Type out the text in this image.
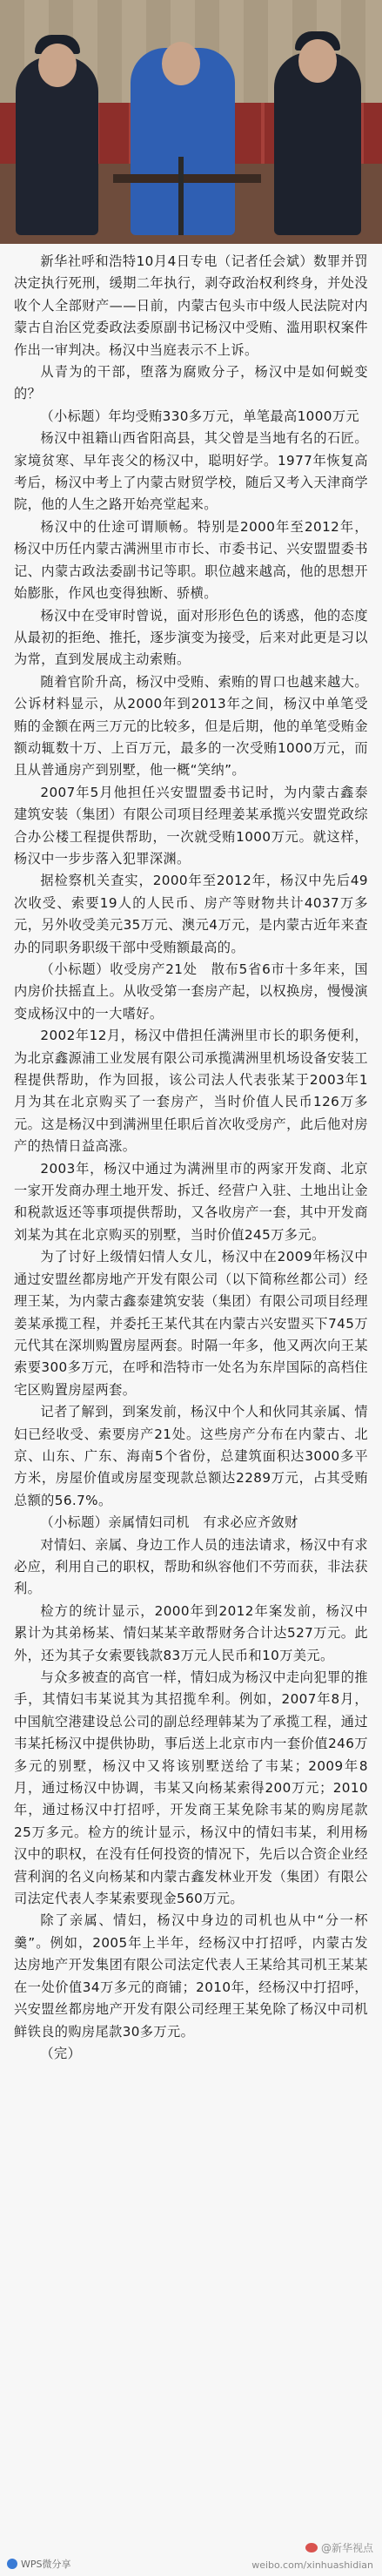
新华社呼和浩特10月4日专电（记者任会斌）数罪并罚决定执行死刑，缓期二年执行，剥夺政治权利终身，并处没收个人全部财产——日前，内蒙古包头市中级人民法院对内蒙古自治区党委政法委原副书记杨汉中受贿、滥用职权案件作出一审判决。杨汉中当庭表示不上诉。

从青为的干部，堕落为腐败分子，杨汉中是如何蜕变的？

（小标题）年均受贿330多万元，单笔最高1000万元

杨汉中祖籍山西省阳高县，其父曾是当地有名的石匠。家境贫寒、早年丧父的杨汉中，聪明好学。1977年恢复高考后，杨汉中考上了内蒙古财贸学校，随后又考入天津商学院，他的人生之路开始亮堂起来。

杨汉中的仕途可谓顺畅。特别是2000年至2012年，杨汉中历任内蒙古满洲里市市长、市委书记、兴安盟盟委书记、内蒙古政法委副书记等职。职位越来越高，他的思想开始膨胀，作风也变得独断、骄横。

杨汉中在受审时曾说，面对形形色色的诱惑，他的态度从最初的拒绝、推托，逐步演变为接受，后来对此更是习以为常，直到发展成主动索贿。

随着官阶升高，杨汉中受贿、索贿的胃口也越来越大。公诉材料显示，从2000年到2013年之间，杨汉中单笔受贿的金额在两三万元的比较多，但是后期，他的单笔受贿金额动辄数十万、上百万元，最多的一次受贿1000万元，而且从普通房产到别墅，他一概“笑纳”。

2007年5月他担任兴安盟盟委书记时，为内蒙古鑫泰建筑安装（集团）有限公司项目经理姜某承揽兴安盟党政综合办公楼工程提供帮助，一次就受贿1000万元。就这样，杨汉中一步步落入犯罪深渊。

据检察机关查实，2000年至2012年，杨汉中先后49次收受、索要19人的人民币、房产等财物共计4037万多元，另外收受美元35万元、澳元4万元，是内蒙古近年来查办的同职务职级干部中受贿额最高的。

（小标题）收受房产21处　散布5省6市十多年来，国内房价扶摇直上。从收受第一套房产起，以权换房，慢慢演变成杨汉中的一大嗜好。

2002年12月，杨汉中借担任满洲里市长的职务便利，为北京鑫源浦工业发展有限公司承揽满洲里机场设备安装工程提供帮助，作为回报，该公司法人代表张某于2003年1月为其在北京购买了一套房产，当时价值人民币126万多元。这是杨汉中到满洲里任职后首次收受房产，此后他对房产的热情日益高涨。

2003年，杨汉中通过为满洲里市的两家开发商、北京一家开发商办理土地开发、拆迁、经营户入驻、土地出让金和税款返还等事项提供帮助，又各收房产一套，其中开发商刘某为其在北京购买的别墅，当时价值245万多元。

为了讨好上级情妇情人女儿，杨汉中在2009年杨汉中通过安盟丝都房地产开发有限公司（以下简称丝都公司）经理王某，为内蒙古鑫泰建筑安装（集团）有限公司项目经理姜某承揽工程，并委托王某代其在内蒙古兴安盟买下745万元代其在深圳购置房屋两套。时隔一年多，他又两次向王某索要300多万元，在呼和浩特市一处名为东岸国际的高档住宅区购置房屋两套。

记者了解到，到案发前，杨汉中个人和伙同其亲属、情妇已经收受、索要房产21处。这些房产分布在内蒙古、北京、山东、广东、海南5个省份，总建筑面积达3000多平方米，房屋价值或房屋变现款总额达2289万元，占其受贿总额的56.7%。

（小标题）亲属情妇司机　有求必应齐敛财

对情妇、亲属、身边工作人员的违法请求，杨汉中有求必应，利用自己的职权，帮助和纵容他们不劳而获，非法获利。

检方的统计显示，2000年到2012年案发前，杨汉中累计为其弟杨某、情妇某某辛敢帮财务合计达527万元。此外，还为其子女索要钱款83万元人民币和10万美元。

与众多被查的高官一样，情妇成为杨汉中走向犯罪的推手，其情妇韦某说其为其招揽牟利。例如，2007年8月，中国航空港建设总公司的副总经理韩某为了承揽工程，通过韦某托杨汉中提供协助，事后送上北京市内一套价值246万多元的别墅，杨汉中又将该别墅送给了韦某；2009年8月，通过杨汉中协调，韦某又向杨某索得200万元；2010年，通过杨汉中打招呼，开发商王某免除韦某的购房尾款25万多元。检方的统计显示，杨汉中的情妇韦某，利用杨汉中的职权，在没有任何投资的情况下，先后以合资企业经营利润的名义向杨某和内蒙古鑫发林业开发（集团）有限公司法定代表人李某索要现金560万元。

除了亲属、情妇，杨汉中身边的司机也从中“分一杯羹”。例如，2005年上半年，经杨汉中打招呼，内蒙古发达房地产开发集团有限公司法定代表人王某给其司机王某某在一处价值34万多元的商铺；2010年，经杨汉中打招呼，兴安盟丝都房地产开发有限公司经理王某免除了杨汉中司机鲜铁良的购房尾款30多万元。

（完）

@新华视点
weibo.com/xinhuashidian
WPS微分享
